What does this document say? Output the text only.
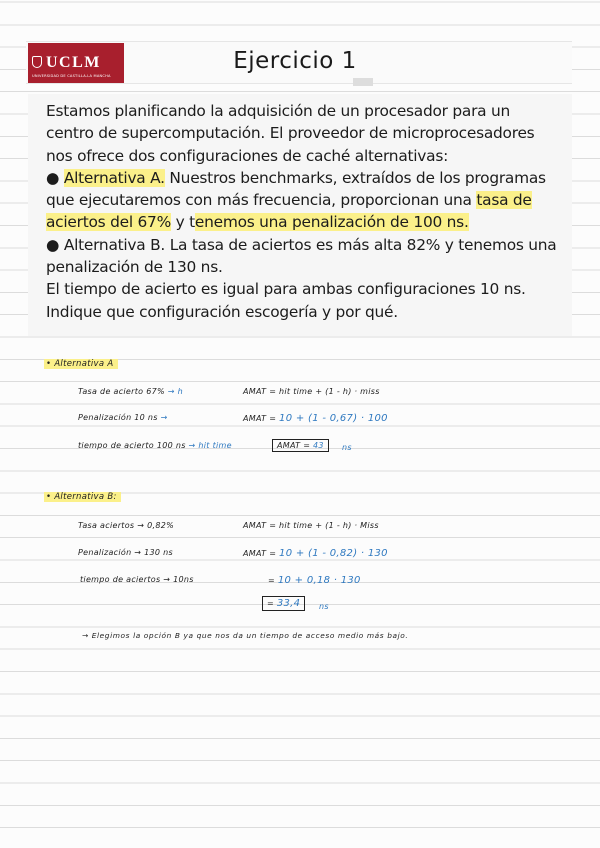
UCLM
UNIVERSIDAD DE CASTILLA-LA MANCHA
Ejercicio 1
Estamos planificando la adquisición de un procesador para un
centro de supercomputación. El proveedor de microprocesadores
nos ofrece dos configuraciones de caché alternativas:
● Alternativa A. Nuestros benchmarks, extraídos de los programas
que ejecutaremos con más frecuencia, proporcionan una tasa de
aciertos del 67% y tenemos una penalización de 100 ns.
● Alternativa B. La tasa de aciertos es más alta 82% y tenemos una
penalización de 130 ns.
El tiempo de acierto es igual para ambas configuraciones 10 ns.
Indique que configuración escogería y por qué.
• Alternativa A
Tasa de acierto 67% → h	AMAT = hit time + (1 - h) · miss
Penalización 10 ns →	AMAT = 10 + (1 - 0,67) · 100
tiempo de acierto 100 ns → hit time	AMAT = 43	ns
• Alternativa B:
Tasa aciertos → 0,82%	AMAT = hit time + (1 - h) · Miss
Penalización → 130 ns	AMAT = 10 + (1 - 0,82) · 130
tiempo de aciertos → 10ns	= 10 + 0,18 · 130
= 33,4	ns
→ Elegimos la opción B ya que nos da un tiempo de acceso medio más bajo.
